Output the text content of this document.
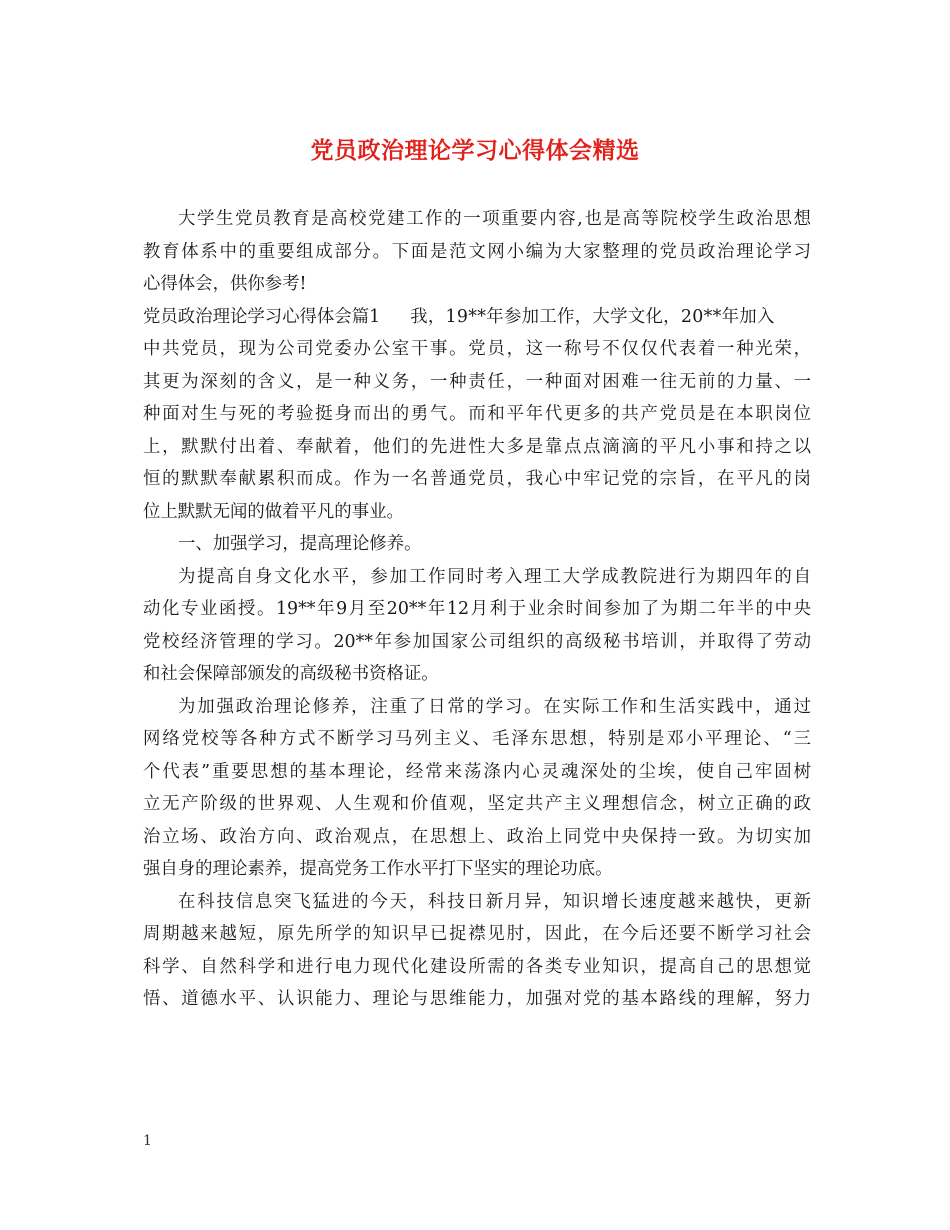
党员政治理论学习心得体会精选
大学生党员教育是高校党建工作的一项重要内容,也是高等院校学生政治思想
教育体系中的重要组成部分。下面是范文网小编为大家整理的党员政治理论学习
心得体会，供你参考!
党员政治理论学习心得体会篇1 我，19**年参加工作，大学文化，20**年加入
中共党员，现为公司党委办公室干事。党员，这一称号不仅仅代表着一种光荣，
其更为深刻的含义，是一种义务，一种责任，一种面对困难一往无前的力量、一
种面对生与死的考验挺身而出的勇气。而和平年代更多的共产党员是在本职岗位
上，默默付出着、奉献着，他们的先进性大多是靠点点滴滴的平凡小事和持之以
恒的默默奉献累积而成。作为一名普通党员，我心中牢记党的宗旨，在平凡的岗
位上默默无闻的做着平凡的事业。
一、加强学习，提高理论修养。
为提高自身文化水平，参加工作同时考入理工大学成教院进行为期四年的自
动化专业函授。19**年9月至20**年12月利于业余时间参加了为期二年半的中央
党校经济管理的学习。20**年参加国家公司组织的高级秘书培训，并取得了劳动
和社会保障部颁发的高级秘书资格证。
为加强政治理论修养，注重了日常的学习。在实际工作和生活实践中，通过
网络党校等各种方式不断学习马列主义、毛泽东思想，特别是邓小平理论、“三
个代表”重要思想的基本理论，经常来荡涤内心灵魂深处的尘埃，使自己牢固树
立无产阶级的世界观、人生观和价值观，坚定共产主义理想信念，树立正确的政
治立场、政治方向、政治观点，在思想上、政治上同党中央保持一致。为切实加
强自身的理论素养，提高党务工作水平打下坚实的理论功底。
在科技信息突飞猛进的今天，科技日新月异，知识增长速度越来越快，更新
周期越来越短，原先所学的知识早已捉襟见肘，因此，在今后还要不断学习社会
科学、自然科学和进行电力现代化建设所需的各类专业知识，提高自己的思想觉
悟、道德水平、认识能力、理论与思维能力，加强对党的基本路线的理解，努力
1
